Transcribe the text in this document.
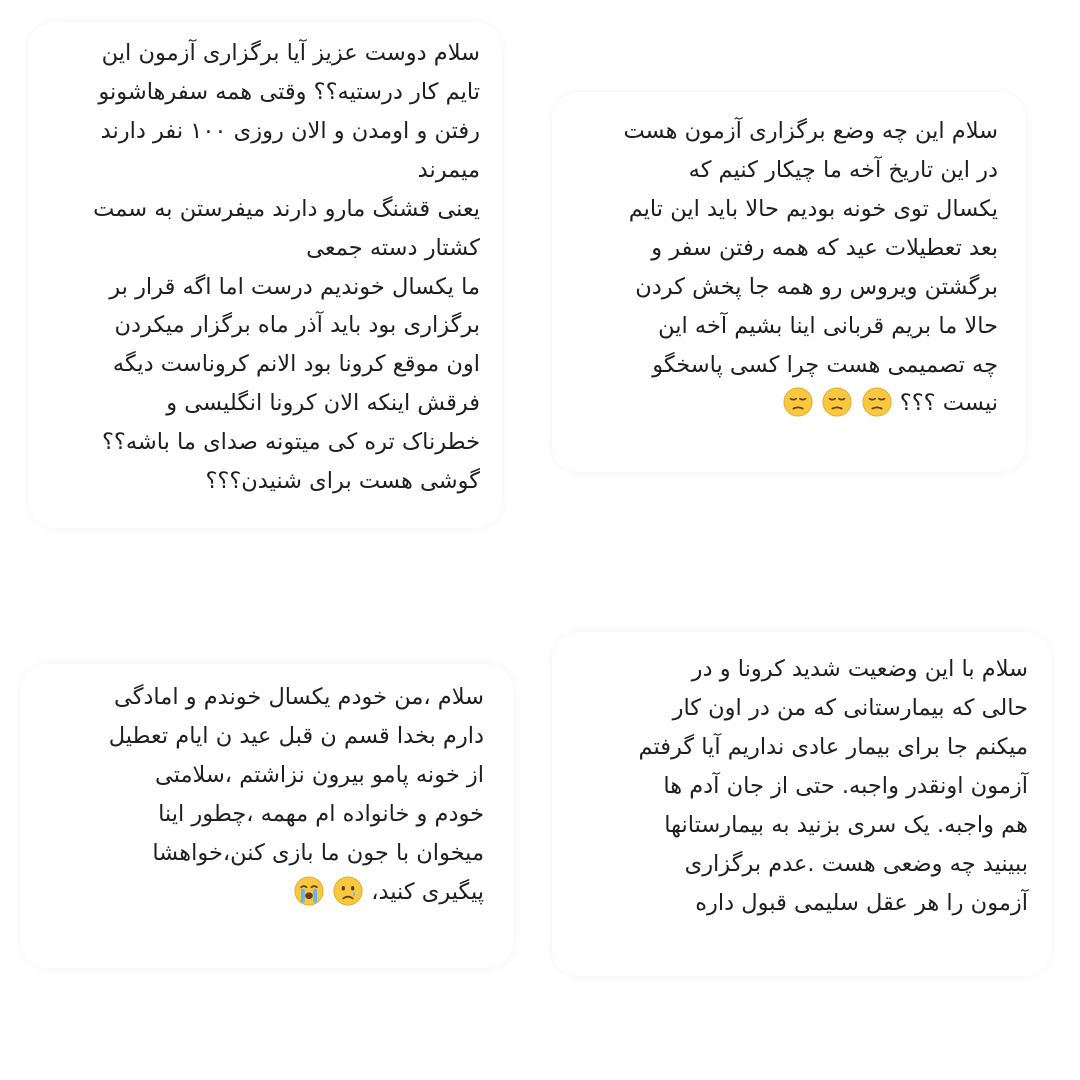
سلام دوست عزیز آیا برگزاری آزمون این
تایم کار درستیه؟؟ وقتی همه سفرهاشونو
رفتن و اومدن و الان روزی ۱۰۰ نفر دارند
میمرند
یعنی قشنگ مارو دارند میفرستن به سمت
کشتار دسته جمعی
ما یکسال خوندیم درست اما اگه قرار بر
برگزاری بود باید آذر ماه برگزار میکردن
اون موقع کرونا بود الانم کروناست دیگه
فرقش اینکه الان کرونا انگلیسی و
خطرناک تره کی میتونه صدای ما باشه؟؟
گوشی هست برای شنیدن؟؟؟
سلام این چه وضع برگزاری آزمون هست
در این تاریخ آخه ما چیکار کنیم که
یکسال توی خونه بودیم حالا باید این تایم
بعد تعطیلات عید که همه رفتن سفر و
برگشتن ویروس رو همه جا پخش کردن
حالا ما بریم قربانی اینا بشیم آخه این
چه تصمیمی هست چرا کسی پاسخگو
نیست ؟؟؟
سلام ،من خودم یکسال خوندم و امادگی
دارم بخدا قسم ن قبل عید ن ایام تعطیل
از خونه پامو بیرون نزاشتم ،سلامتی
خودم و خانواده ام مهمه ،چطور اینا
میخوان با جون ما بازی کنن،خواهشا
پیگیری کنید،
سلام با این وضعیت شدید کرونا و در
حالی که بیمارستانی که من در اون کار
میکنم جا برای بیمار عادی نداریم آیا گرفتم
آزمون اونقدر واجبه. حتی از جان آدم ها
هم واجبه. یک سری بزنید به بیمارستانها
ببینید چه وضعی هست .عدم برگزاری
آزمون را هر عقل سلیمی قبول داره
